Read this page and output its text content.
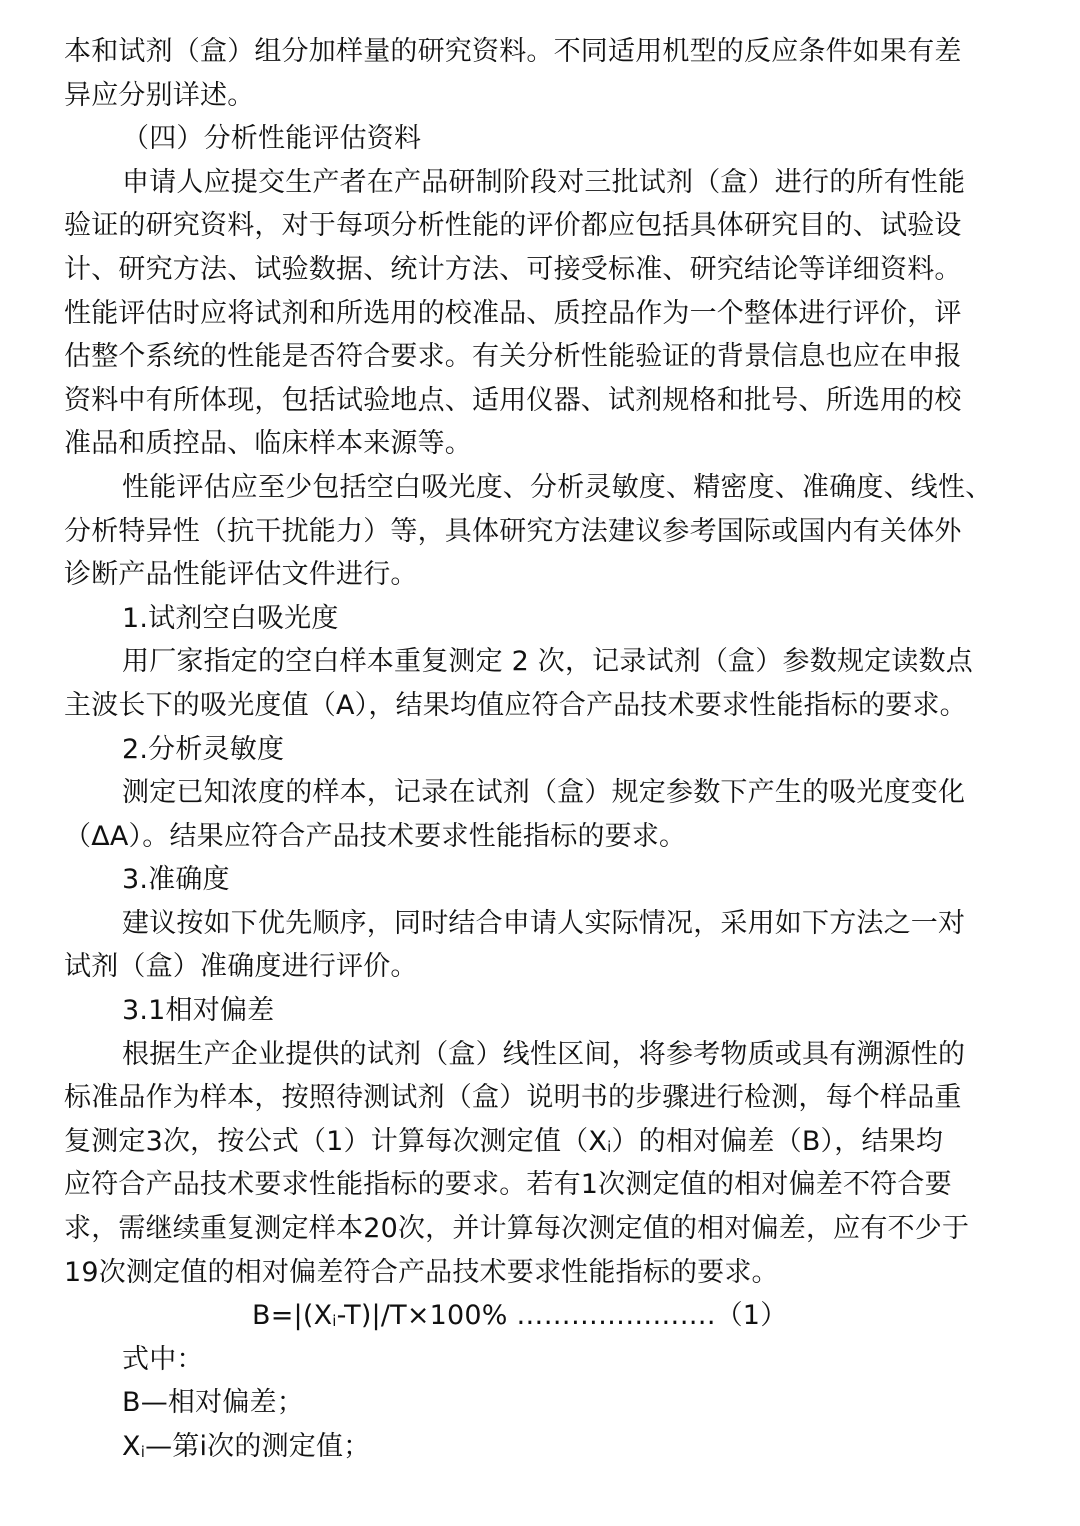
本和试剂（盒）组分加样量的研究资料。不同适用机型的反应条件如果有差
异应分别详述。
（四）分析性能评估资料
申请人应提交生产者在产品研制阶段对三批试剂（盒）进行的所有性能
验证的研究资料，对于每项分析性能的评价都应包括具体研究目的、试验设
计、研究方法、试验数据、统计方法、可接受标准、研究结论等详细资料。
性能评估时应将试剂和所选用的校准品、质控品作为一个整体进行评价，评
估整个系统的性能是否符合要求。有关分析性能验证的背景信息也应在申报
资料中有所体现，包括试验地点、适用仪器、试剂规格和批号、所选用的校
准品和质控品、临床样本来源等。
性能评估应至少包括空白吸光度、分析灵敏度、精密度、准确度、线性、
分析特异性（抗干扰能力）等，具体研究方法建议参考国际或国内有关体外
诊断产品性能评估文件进行。
1.试剂空白吸光度
用厂家指定的空白样本重复测定 2 次，记录试剂（盒）参数规定读数点
主波长下的吸光度值（A），结果均值应符合产品技术要求性能指标的要求。
2.分析灵敏度
测定已知浓度的样本，记录在试剂（盒）规定参数下产生的吸光度变化
（ΔA）。结果应符合产品技术要求性能指标的要求。
3.准确度
建议按如下优先顺序，同时结合申请人实际情况，采用如下方法之一对
试剂（盒）准确度进行评价。
3.1相对偏差
根据生产企业提供的试剂（盒）线性区间，将参考物质或具有溯源性的
标准品作为样本，按照待测试剂（盒）说明书的步骤进行检测，每个样品重
复测定3次，按公式（1）计算每次测定值（Xi）的相对偏差（B），结果均
应符合产品技术要求性能指标的要求。若有1次测定值的相对偏差不符合要
求，需继续重复测定样本20次，并计算每次测定值的相对偏差，应有不少于
19次测定值的相对偏差符合产品技术要求性能指标的要求。
B=|(Xi-T)|/T×100% ………………….（1）
式中：
B—相对偏差；
Xi—第i次的测定值；
